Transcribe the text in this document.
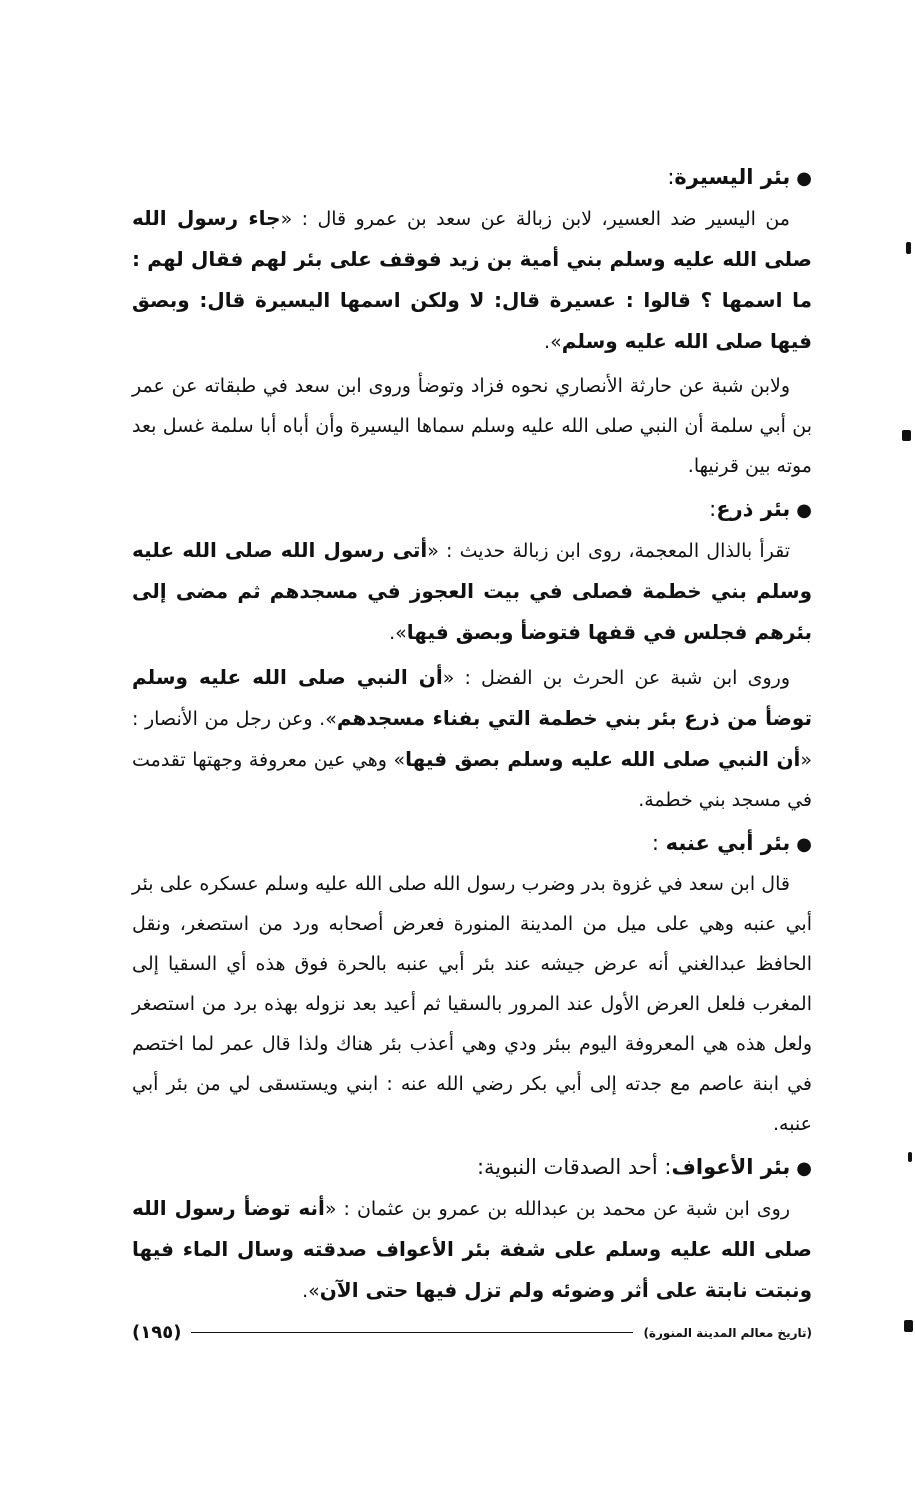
●بئر اليسيرة:

من اليسير ضد العسير، لابن زبالة عن سعد بن عمرو قال : «جاء رسول الله صلى الله عليه وسلم بني أمية بن زيد فوقف على بئر لهم فقال لهم : ما اسمها ؟ قالوا : عسيرة قال: لا ولكن اسمها اليسيرة قال: وبصق فيها صلى الله عليه وسلم».

ولابن شبة عن حارثة الأنصاري نحوه فزاد وتوضأ وروى ابن سعد في طبقاته عن عمر بن أبي سلمة أن النبي صلى الله عليه وسلم سماها اليسيرة وأن أباه أبا سلمة غسل بعد موته بين قرنيها.

●بئر ذرع:

تقرأ بالذال المعجمة، روى ابن زبالة حديث : «أتى رسول الله صلى الله عليه وسلم بني خطمة فصلى في بيت العجوز في مسجدهم ثم مضى إلى بئرهم فجلس في قفها فتوضأ وبصق فيها».

وروى ابن شبة عن الحرث بن الفضل : «أن النبي صلى الله عليه وسلم توضأ من ذرع بئر بني خطمة التي بفناء مسجدهم». وعن رجل من الأنصار : «أن النبي صلى الله عليه وسلم بصق فيها» وهي عين معروفة وجهتها تقدمت في مسجد بني خطمة.

●بئر أبي عنبه :

قال ابن سعد في غزوة بدر وضرب رسول الله صلى الله عليه وسلم عسكره على بئر أبي عنبه وهي على ميل من المدينة المنورة فعرض أصحابه ورد من استصغر، ونقل الحافظ عبدالغني أنه عرض جيشه عند بئر أبي عنبه بالحرة فوق هذه أي السقيا إلى المغرب فلعل العرض الأول عند المرور بالسقيا ثم أعيد بعد نزوله بهذه برد من استصغر ولعل هذه هي المعروفة اليوم ببئر ودي وهي أعذب بئر هناك ولذا قال عمر لما اختصم في ابنة عاصم مع جدته إلى أبي بكر رضي الله عنه : ابني ويستسقى لي من بئر أبي عنبه.

●بئر الأعواف: أحد الصدقات النبوية:

روى ابن شبة عن محمد بن عبدالله بن عمرو بن عثمان : «أنه توضأ رسول الله صلى الله عليه وسلم على شفة بئر الأعواف صدقته وسال الماء فيها ونبتت نابتة على أثر وضوئه ولم تزل فيها حتى الآن».

(تاريخ معالم المدينة المنورة)
(١٩٥)
